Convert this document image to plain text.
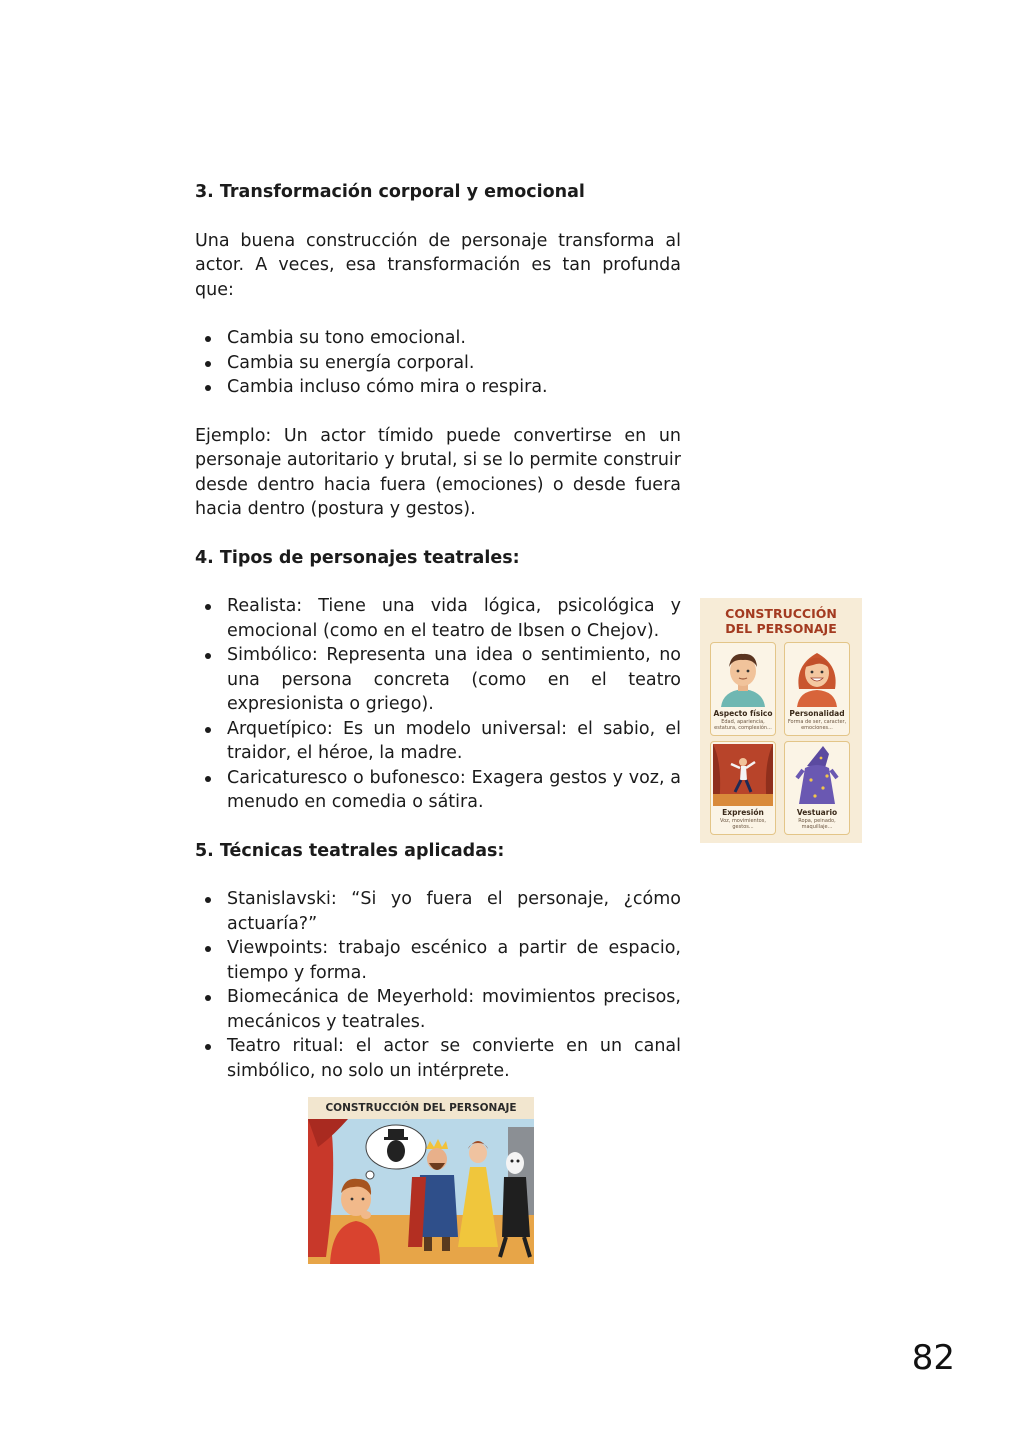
3. Transformación corporal y emocional

Una buena construcción de personaje transforma al actor. A veces, esa transformación es tan profunda que:

Cambia su tono emocional.
Cambia su energía corporal.
Cambia incluso cómo mira o respira.

Ejemplo: Un actor tímido puede convertirse en un personaje autoritario y brutal, si se lo permite construir desde dentro hacia fuera (emociones) o desde fuera hacia dentro (postura y gestos).

4. Tipos de personajes teatrales:

Realista: Tiene una vida lógica, psicológica y emocional (como en el teatro de Ibsen o Chejov).
Simbólico: Representa una idea o sentimiento, no una persona concreta (como en el teatro expresionista o griego).
Arquetípico: Es un modelo universal: el sabio, el traidor, el héroe, la madre.
Caricaturesco o bufonesco: Exagera gestos y voz, a menudo en comedia o sátira.

5. Técnicas teatrales aplicadas:

Stanislavski: “Si yo fuera el personaje, ¿cómo actuaría?”
Viewpoints: trabajo escénico a partir de espacio, tiempo y forma.
Biomecánica de Meyerhold: movimientos precisos, mecánicos y teatrales.
Teatro ritual: el actor se convierte en un canal simbólico, no solo un intérprete.
CONSTRUCCIÓN
DEL PERSONAJE
Aspecto físico
Edad, apariencia, estatura, complexión...
Personalidad
Forma de ser, caracter, emociones...
Expresión
Voz, movimientos, gestos...
Vestuario
Ropa, peinado, maquillaje...
CONSTRUCCIÓN DEL PERSONAJE
82
